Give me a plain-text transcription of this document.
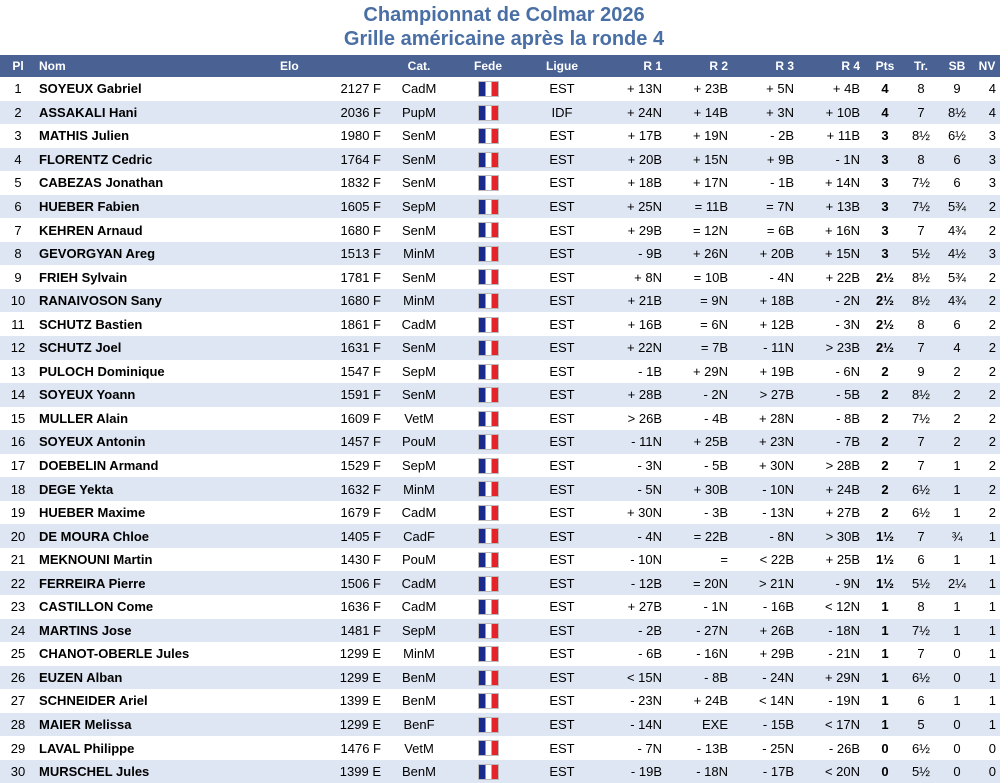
Championnat de Colmar 2026
Grille américaine après la ronde 4
Pl	Nom	Elo	Cat.	Fede	Ligue	R 1	R 2	R 3	R 4	Pts	Tr.	SB	NV
1	SOYEUX Gabriel	2127 F	CadM		EST	+ 13N	+ 23B	+ 5N	+ 4B	4	8	9	4
2	ASSAKALI Hani	2036 F	PupM		IDF	+ 24N	+ 14B	+ 3N	+ 10B	4	7	8½	4
3	MATHIS Julien	1980 F	SenM		EST	+ 17B	+ 19N	- 2B	+ 11B	3	8½	6½	3
4	FLORENTZ Cedric	1764 F	SenM		EST	+ 20B	+ 15N	+ 9B	- 1N	3	8	6	3
5	CABEZAS Jonathan	1832 F	SenM		EST	+ 18B	+ 17N	- 1B	+ 14N	3	7½	6	3
6	HUEBER Fabien	1605 F	SepM		EST	+ 25N	= 11B	= 7N	+ 13B	3	7½	5¾	2
7	KEHREN Arnaud	1680 F	SenM		EST	+ 29B	= 12N	= 6B	+ 16N	3	7	4¾	2
8	GEVORGYAN Areg	1513 F	MinM		EST	- 9B	+ 26N	+ 20B	+ 15N	3	5½	4½	3
9	FRIEH Sylvain	1781 F	SenM		EST	+ 8N	= 10B	- 4N	+ 22B	2½	8½	5¾	2
10	RANAIVOSON Sany	1680 F	MinM		EST	+ 21B	= 9N	+ 18B	- 2N	2½	8½	4¾	2
11	SCHUTZ Bastien	1861 F	CadM		EST	+ 16B	= 6N	+ 12B	- 3N	2½	8	6	2
12	SCHUTZ Joel	1631 F	SenM		EST	+ 22N	= 7B	- 11N	> 23B	2½	7	4	2
13	PULOCH Dominique	1547 F	SepM		EST	- 1B	+ 29N	+ 19B	- 6N	2	9	2	2
14	SOYEUX Yoann	1591 F	SenM		EST	+ 28B	- 2N	> 27B	- 5B	2	8½	2	2
15	MULLER Alain	1609 F	VetM		EST	> 26B	- 4B	+ 28N	- 8B	2	7½	2	2
16	SOYEUX Antonin	1457 F	PouM		EST	- 11N	+ 25B	+ 23N	- 7B	2	7	2	2
17	DOEBELIN Armand	1529 F	SepM		EST	- 3N	- 5B	+ 30N	> 28B	2	7	1	2
18	DEGE Yekta	1632 F	MinM		EST	- 5N	+ 30B	- 10N	+ 24B	2	6½	1	2
19	HUEBER Maxime	1679 F	CadM		EST	+ 30N	- 3B	- 13N	+ 27B	2	6½	1	2
20	DE MOURA Chloe	1405 F	CadF		EST	- 4N	= 22B	- 8N	> 30B	1½	7	¾	1
21	MEKNOUNI Martin	1430 F	PouM		EST	- 10N	=	< 22B	+ 25B	1½	6	1	1
22	FERREIRA Pierre	1506 F	CadM		EST	- 12B	= 20N	> 21N	- 9N	1½	5½	2¼	1
23	CASTILLON Come	1636 F	CadM		EST	+ 27B	- 1N	- 16B	< 12N	1	8	1	1
24	MARTINS Jose	1481 F	SepM		EST	- 2B	- 27N	+ 26B	- 18N	1	7½	1	1
25	CHANOT-OBERLE Jules	1299 E	MinM		EST	- 6B	- 16N	+ 29B	- 21N	1	7	0	1
26	EUZEN Alban	1299 E	BenM		EST	< 15N	- 8B	- 24N	+ 29N	1	6½	0	1
27	SCHNEIDER Ariel	1399 E	BenM		EST	- 23N	+ 24B	< 14N	- 19N	1	6	1	1
28	MAIER Melissa	1299 E	BenF		EST	- 14N	EXE	- 15B	< 17N	1	5	0	1
29	LAVAL Philippe	1476 F	VetM		EST	- 7N	- 13B	- 25N	- 26B	0	6½	0	0
30	MURSCHEL Jules	1399 E	BenM		EST	- 19B	- 18N	- 17B	< 20N	0	5½	0	0
